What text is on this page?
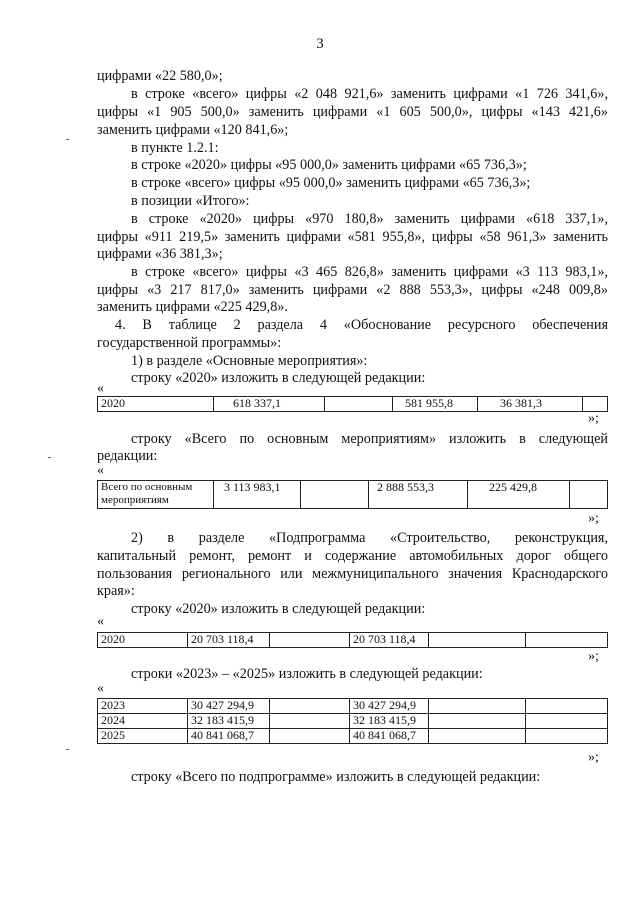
3
цифрами «22 580,0»;
в строке «всего» цифры «2 048 921,6» заменить цифрами «1 726 341,6»,
цифры «1 905 500,0» заменить цифрами «1 605 500,0», цифры «143 421,6»
заменить цифрами «120 841,6»;
в пункте 1.2.1:
в строке «2020» цифры «95 000,0» заменить цифрами «65 736,3»;
в строке «всего» цифры «95 000,0» заменить цифрами «65 736,3»;
в позиции «Итого»:
в строке «2020» цифры «970 180,8» заменить цифрами «618 337,1»,
цифры «911 219,5» заменить цифрами «581 955,8», цифры «58 961,3» заменить
цифрами «36 381,3»;
в строке «всего» цифры «3 465 826,8» заменить цифрами «3 113 983,1»,
цифры «3 217 817,0» заменить цифрами «2 888 553,3», цифры «248 009,8»
заменить цифрами «225 429,8».
4. В таблице 2 раздела 4 «Обоснование ресурсного обеспечения
государственной программы»:
1) в разделе «Основные мероприятия»:
строку «2020» изложить в следующей редакции:
«
2020	618 337,1		581 955,8	36 381,3	
»;
строку «Всего по основным мероприятиям» изложить в следующей
редакции:
«
Всего по основным мероприятиям	3 113 983,1		2 888 553,3	225 429,8	
»;
2) в разделе «Подпрограмма «Строительство, реконструкция,
капитальный ремонт, ремонт и содержание автомобильных дорог общего
пользования регионального или межмуниципального значения Краснодарского
края»:
строку «2020» изложить в следующей редакции:
«
2020	20 703 118,4		20 703 118,4		
»;
строки «2023» – «2025» изложить в следующей редакции:
«
2023	30 427 294,9		30 427 294,9		
2024	32 183 415,9		32 183 415,9		
2025	40 841 068,7		40 841 068,7		
»;
строку «Всего по подпрограмме» изложить в следующей редакции:
